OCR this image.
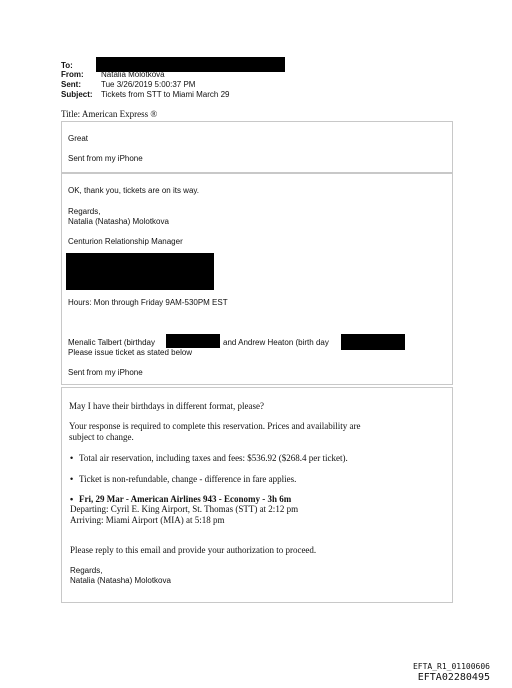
To:
From: Natalia Molotkova
Sent:	Tue 3/26/2019 5:00:37 PM
Subject: Tickets from STT to Miami March 29
Title: American Express ®
Great
Sent from my iPhone
OK, thank you, tickets are on its way.
Regards,
Natalia (Natasha) Molotkova
Centurion Relationship Manager
Hours: Mon through Friday 9AM-530PM EST
Menalic Talbert (birthday	and Andrew Heaton (birth day
Please issue ticket as stated below
Sent from my iPhone
May I have their birthdays in different format, please?
Your response is required to complete this reservation. Prices and availability are
subject to change.
• Total air reservation, including taxes and fees: $536.92 ($268.4 per ticket).
• Ticket is non-refundable, change - difference in fare applies.
• Fri, 29 Mar - American Airlines 943 - Economy - 3h 6m
Departing: Cyril E. King Airport, St. Thomas (STT) at 2:12 pm
Arriving: Miami Airport (MIA) at 5:18 pm
Please reply to this email and provide your authorization to proceed.
Regards,
Natalia (Natasha) Molotkova
EFTA_R1_01100606
EFTA02280495
